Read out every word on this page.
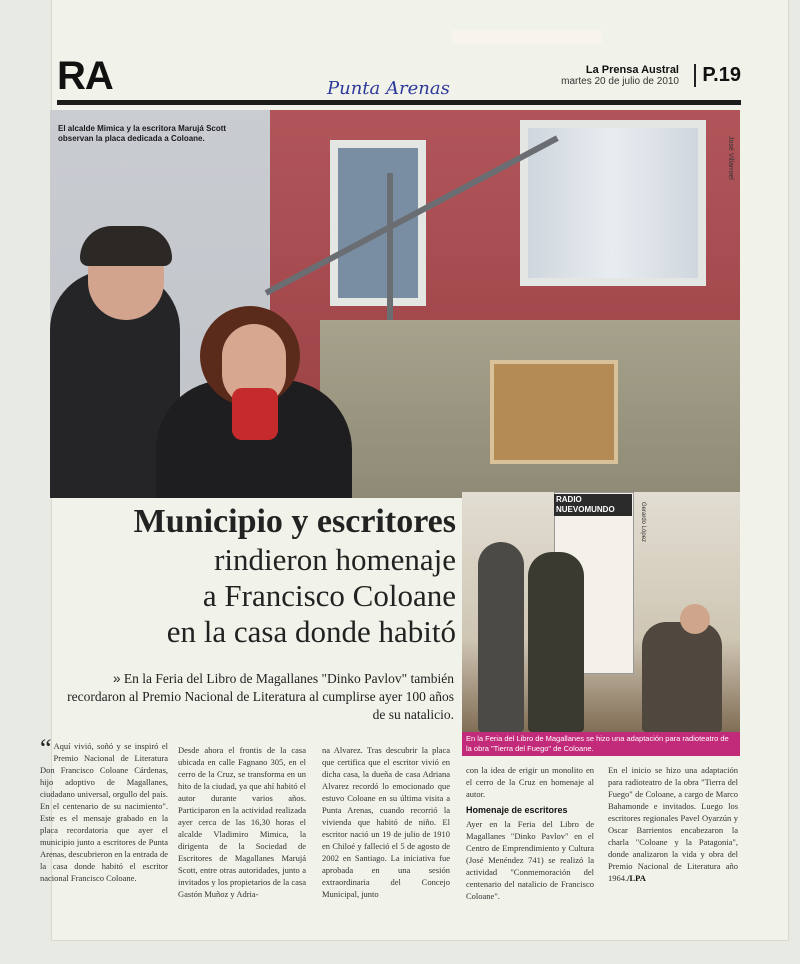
RA	Punta Arenas
La Prensa Austral
martes 20 de julio de 2010	P.19
José Villarroel
El alcalde Mimica y la escritora Marujá Scott observan la placa dedicada a Coloane.
Municipio y escritores
rindieron homenaje
a Francisco Coloane
en la casa donde habitó
» En la Feria del Libro de Magallanes "Dinko Pavlov" también recordaron al Premio Nacional de Literatura al cumplirse ayer 100 años de su natalicio.
RADIO NUEVOMUNDO	Gerardo López
En la Feria del Libro de Magallanes se hizo una adaptación para radioteatro de la obra "Tierra del Fuego" de Coloane.
“ Aquí vivió, soñó y se inspiró el Premio Nacional de Literatura Don Francisco Coloane Cárdenas, hijo adoptivo de Magallanes, ciudadano universal, orgullo del país. En el centenario de su nacimiento". Este es el mensaje grabado en la placa recordatoria que ayer el municipio junto a escritores de Punta Arenas, descubrieron en la entrada de la casa donde habitó el escritor nacional Francisco Coloane.

Desde ahora el frontis de la casa ubicada en calle Fagnano 305, en el cerro de la Cruz, se transforma en un hito de la ciudad, ya que ahí habitó el autor durante varios años. Participaron en la actividad realizada ayer cerca de las 16,30 horas el alcalde Vladimiro Mimica, la dirigenta de la Sociedad de Escritores de Magallanes Marujá Scott, entre otras autoridades, junto a invitados y los propietarios de la casa Gastón Muñoz y Adria-

na Alvarez. Tras descubrir la placa que certifica que el escritor vivió en dicha casa, la dueña de casa Adriana Alvarez recordó lo emocionado que estuvo Coloane en su última visita a Punta Arenas, cuando recorrió la vivienda que habitó de niño. El escritor nació un 19 de julio de 1910 en Chiloé y falleció el 5 de agosto de 2002 en Santiago. La iniciativa fue aprobada en una sesión extraordinaria del Concejo Municipal, junto

con la idea de erigir un monolito en el cerro de la Cruz en homenaje al autor.

Homenaje de escritores

Ayer en la Feria del Libro de Magallanes "Dinko Pavlov" en el Centro de Emprendimiento y Cultura (José Menéndez 741) se realizó la actividad "Conmemoración del centenario del natalicio de Francisco Coloane".

En el inicio se hizo una adaptación para radioteatro de la obra "Tierra del Fuego" de Coloane, a cargo de Marco Bahamonde e invitados. Luego los escritores regionales Pavel Oyarzún y Oscar Barrientos encabezaron la charla "Coloane y la Patagonia", donde analizaron la vida y obra del Premio Nacional de Literatura año 1964./LPA
